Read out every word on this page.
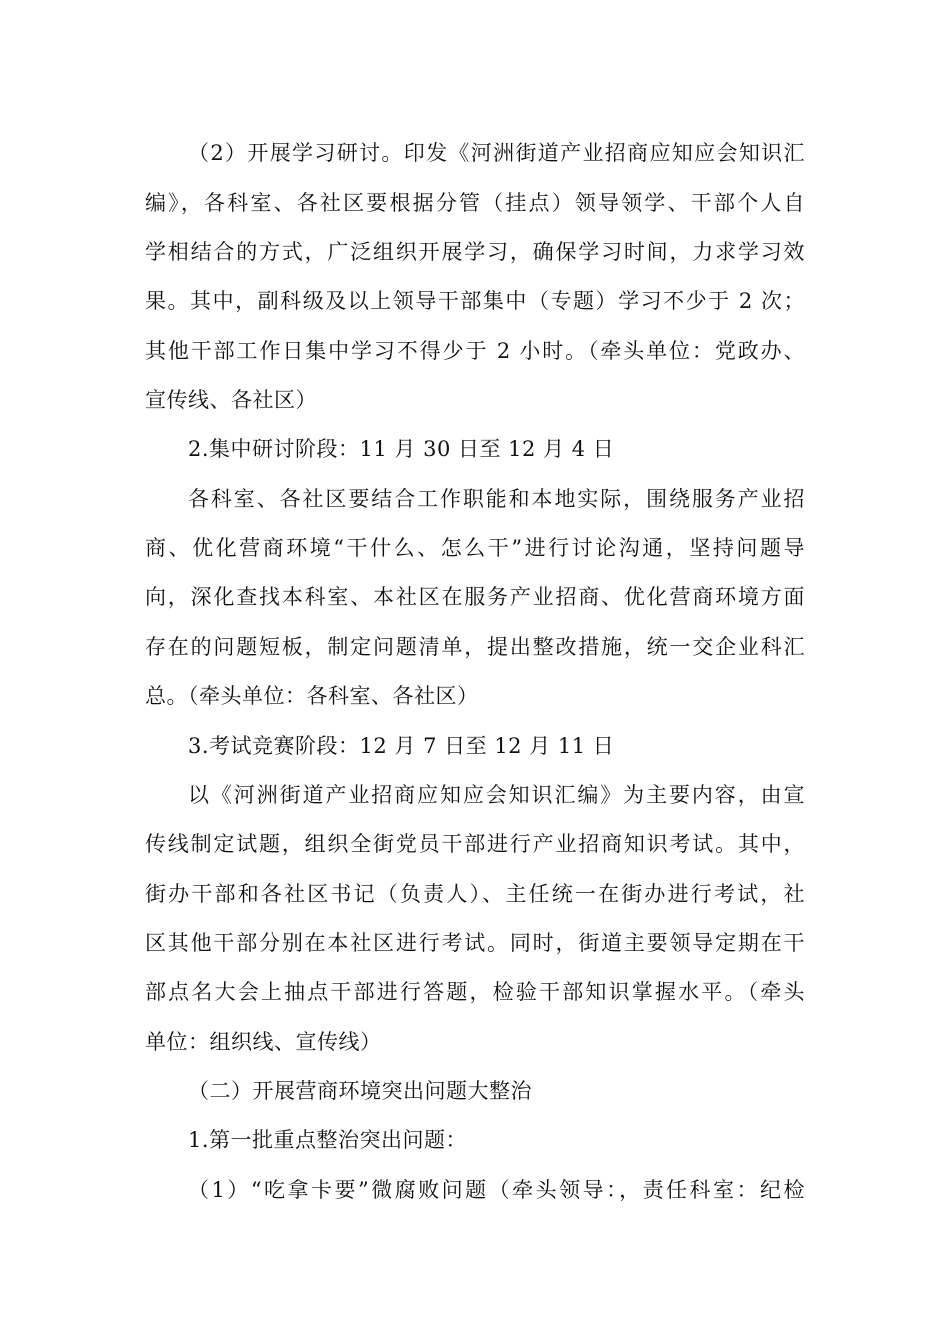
（2）开展学习研讨。印发《河洲街道产业招商应知应会知识汇
编》，各科室、各社区要根据分管（挂点）领导领学、干部个人自
学相结合的方式，广泛组织开展学习，确保学习时间，力求学习效
果。其中，副科级及以上领导干部集中（专题）学习不少于 2 次；
其他干部工作日集中学习不得少于 2 小时。（牵头单位：党政办、
宣传线、各社区）
2.集中研讨阶段：11 月 30 日至 12 月 4 日
各科室、各社区要结合工作职能和本地实际，围绕服务产业招
商、优化营商环境“干什么、怎么干”进行讨论沟通，坚持问题导
向，深化查找本科室、本社区在服务产业招商、优化营商环境方面
存在的问题短板，制定问题清单，提出整改措施，统一交企业科汇
总。（牵头单位：各科室、各社区）
3.考试竞赛阶段：12 月 7 日至 12 月 11 日
以《河洲街道产业招商应知应会知识汇编》为主要内容，由宣
传线制定试题，组织全街党员干部进行产业招商知识考试。其中，
街办干部和各社区书记（负责人）、主任统一在街办进行考试，社
区其他干部分别在本社区进行考试。同时，街道主要领导定期在干
部点名大会上抽点干部进行答题，检验干部知识掌握水平。（牵头
单位：组织线、宣传线）
（二）开展营商环境突出问题大整治
1.第一批重点整治突出问题：
（1）“吃拿卡要”微腐败问题（牵头领导：，责任科室：纪检
